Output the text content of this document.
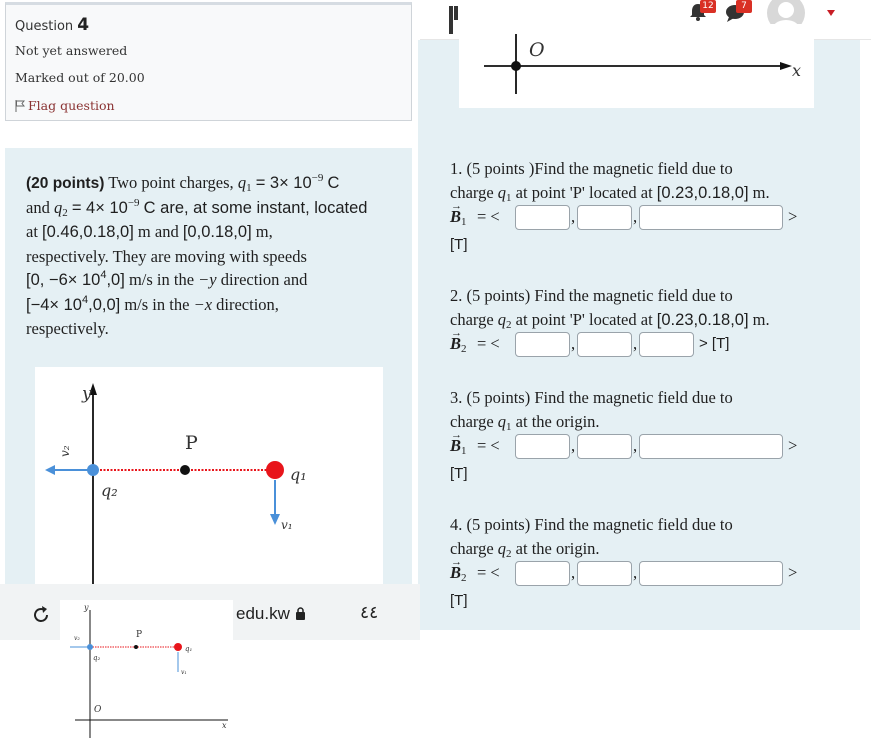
Question 4
Not yet answered
Marked out of 20.00
Flag question
(20 points) Two point charges, $q_1 = 3\times 10^{-9}$ C
and $q_2 = 4\times 10^{-9}$ C are, at some instant, located
at [0.46,0.18,0] m and [0,0.18,0] m,
respectively. They are moving with speeds
[0, $-6\times 10^4,0$] m/s in the −y direction and
$[-4\times 10^4,0,0]$ m/s in the −x direction,
respectively.
y
v₂
q₂
P
q₁
v₁
12	7
O
x
1. (5 points )Find the magnetic field due to
charge $q_1$ at point 'P' located at [0.23,0.18,0] m.
→ $B_1$ = <	,	,	>
[T]
2. (5 points) Find the magnetic field due to
charge $q_2$ at point 'P' located at [0.23,0.18,0] m.
→ $B_2$ = <	,	,	> [T]
3. (5 points) Find the magnetic field due to
charge $q_1$ at the origin.
→ $B_1$ = <	,	,	>
[T]
4. (5 points) Find the magnetic field due to
charge $q_2$ at the origin.
→ $B_2$ = <	,	,	>
[T]
edu.kw	٤٤
y
x
O
v₂
q₂
P
q₁
v₁
